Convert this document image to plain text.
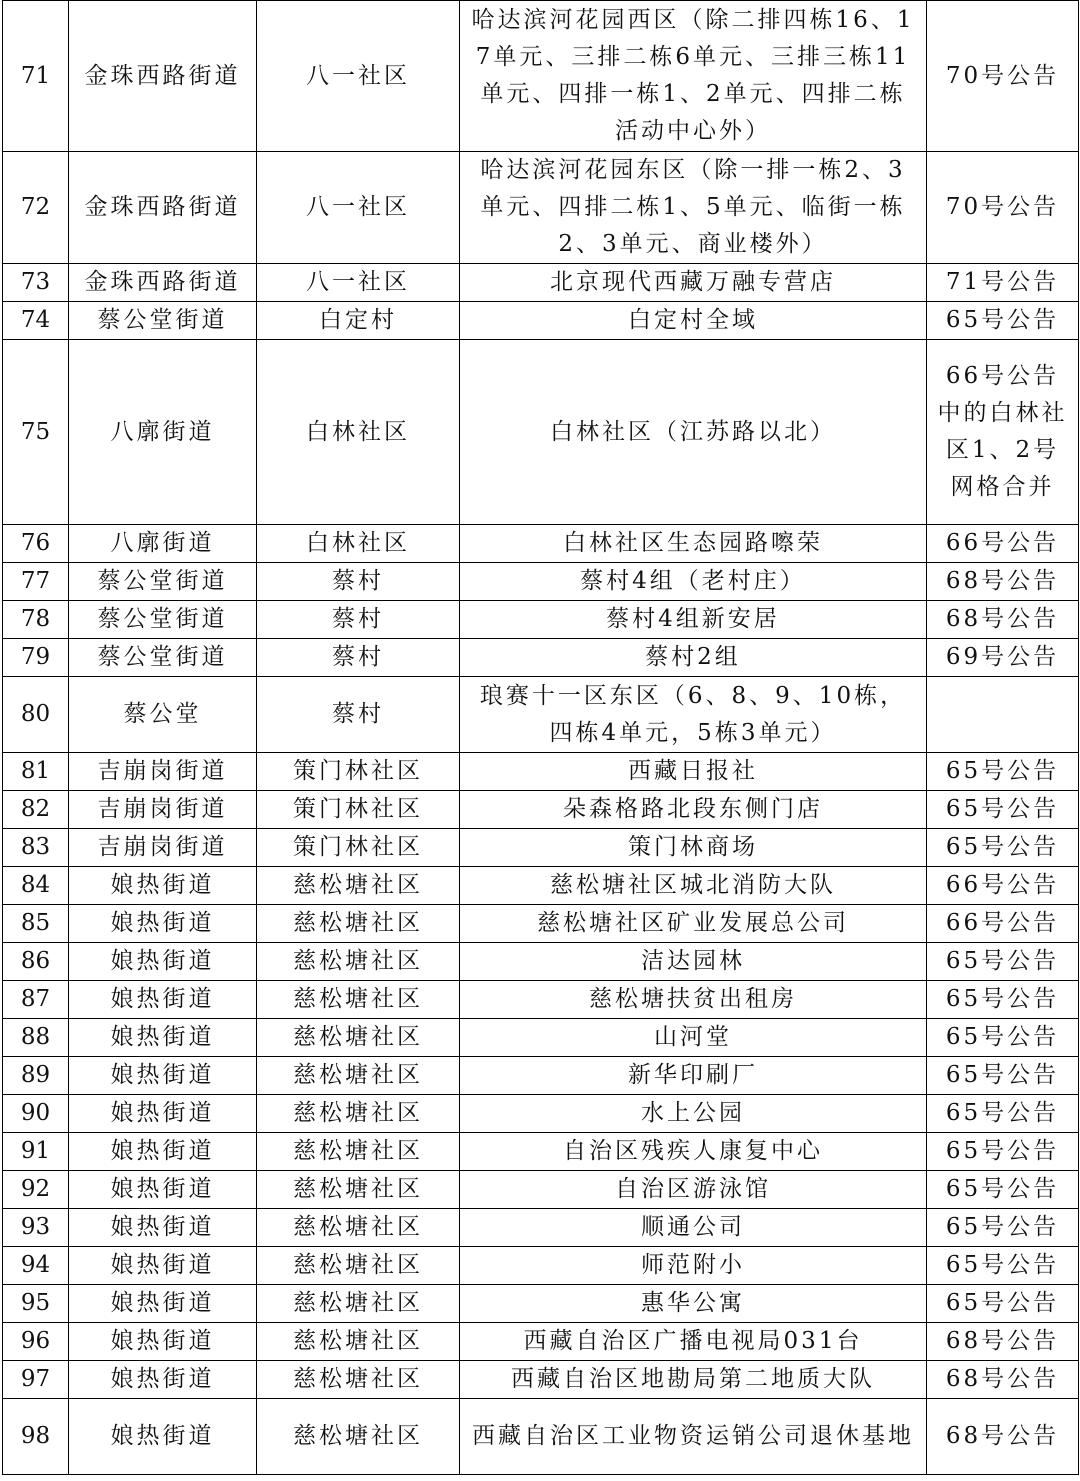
71	金珠西路街道	八一社区	哈达滨河花园西区（除二排四栋16、17单元、三排二栋6单元、三排三栋11单元、四排一栋1、2单元、四排二栋活动中心外）	70号公告
72	金珠西路街道	八一社区	哈达滨河花园东区（除一排一栋2、3单元、四排二栋1、5单元、临街一栋2、3单元、商业楼外）	70号公告
73	金珠西路街道	八一社区	北京现代西藏万融专营店	71号公告
74	蔡公堂街道	白定村	白定村全域	65号公告
75	八廓街道	白林社区	白林社区（江苏路以北）	66号公告中的白林社区1、2号网格合并
76	八廓街道	白林社区	白林社区生态园路嚓荣	66号公告
77	蔡公堂街道	蔡村	蔡村4组（老村庄）	68号公告
78	蔡公堂街道	蔡村	蔡村4组新安居	68号公告
79	蔡公堂街道	蔡村	蔡村2组	69号公告
80	蔡公堂	蔡村	琅赛十一区东区（6、8、9、10栋，四栋4单元，5栋3单元）	
81	吉崩岗街道	策门林社区	西藏日报社	65号公告
82	吉崩岗街道	策门林社区	朵森格路北段东侧门店	65号公告
83	吉崩岗街道	策门林社区	策门林商场	65号公告
84	娘热街道	慈松塘社区	慈松塘社区城北消防大队	66号公告
85	娘热街道	慈松塘社区	慈松塘社区矿业发展总公司	66号公告
86	娘热街道	慈松塘社区	洁达园林	65号公告
87	娘热街道	慈松塘社区	慈松塘扶贫出租房	65号公告
88	娘热街道	慈松塘社区	山河堂	65号公告
89	娘热街道	慈松塘社区	新华印刷厂	65号公告
90	娘热街道	慈松塘社区	水上公园	65号公告
91	娘热街道	慈松塘社区	自治区残疾人康复中心	65号公告
92	娘热街道	慈松塘社区	自治区游泳馆	65号公告
93	娘热街道	慈松塘社区	顺通公司	65号公告
94	娘热街道	慈松塘社区	师范附小	65号公告
95	娘热街道	慈松塘社区	惠华公寓	65号公告
96	娘热街道	慈松塘社区	西藏自治区广播电视局031台	68号公告
97	娘热街道	慈松塘社区	西藏自治区地勘局第二地质大队	68号公告
98	娘热街道	慈松塘社区	西藏自治区工业物资运销公司退休基地	68号公告
